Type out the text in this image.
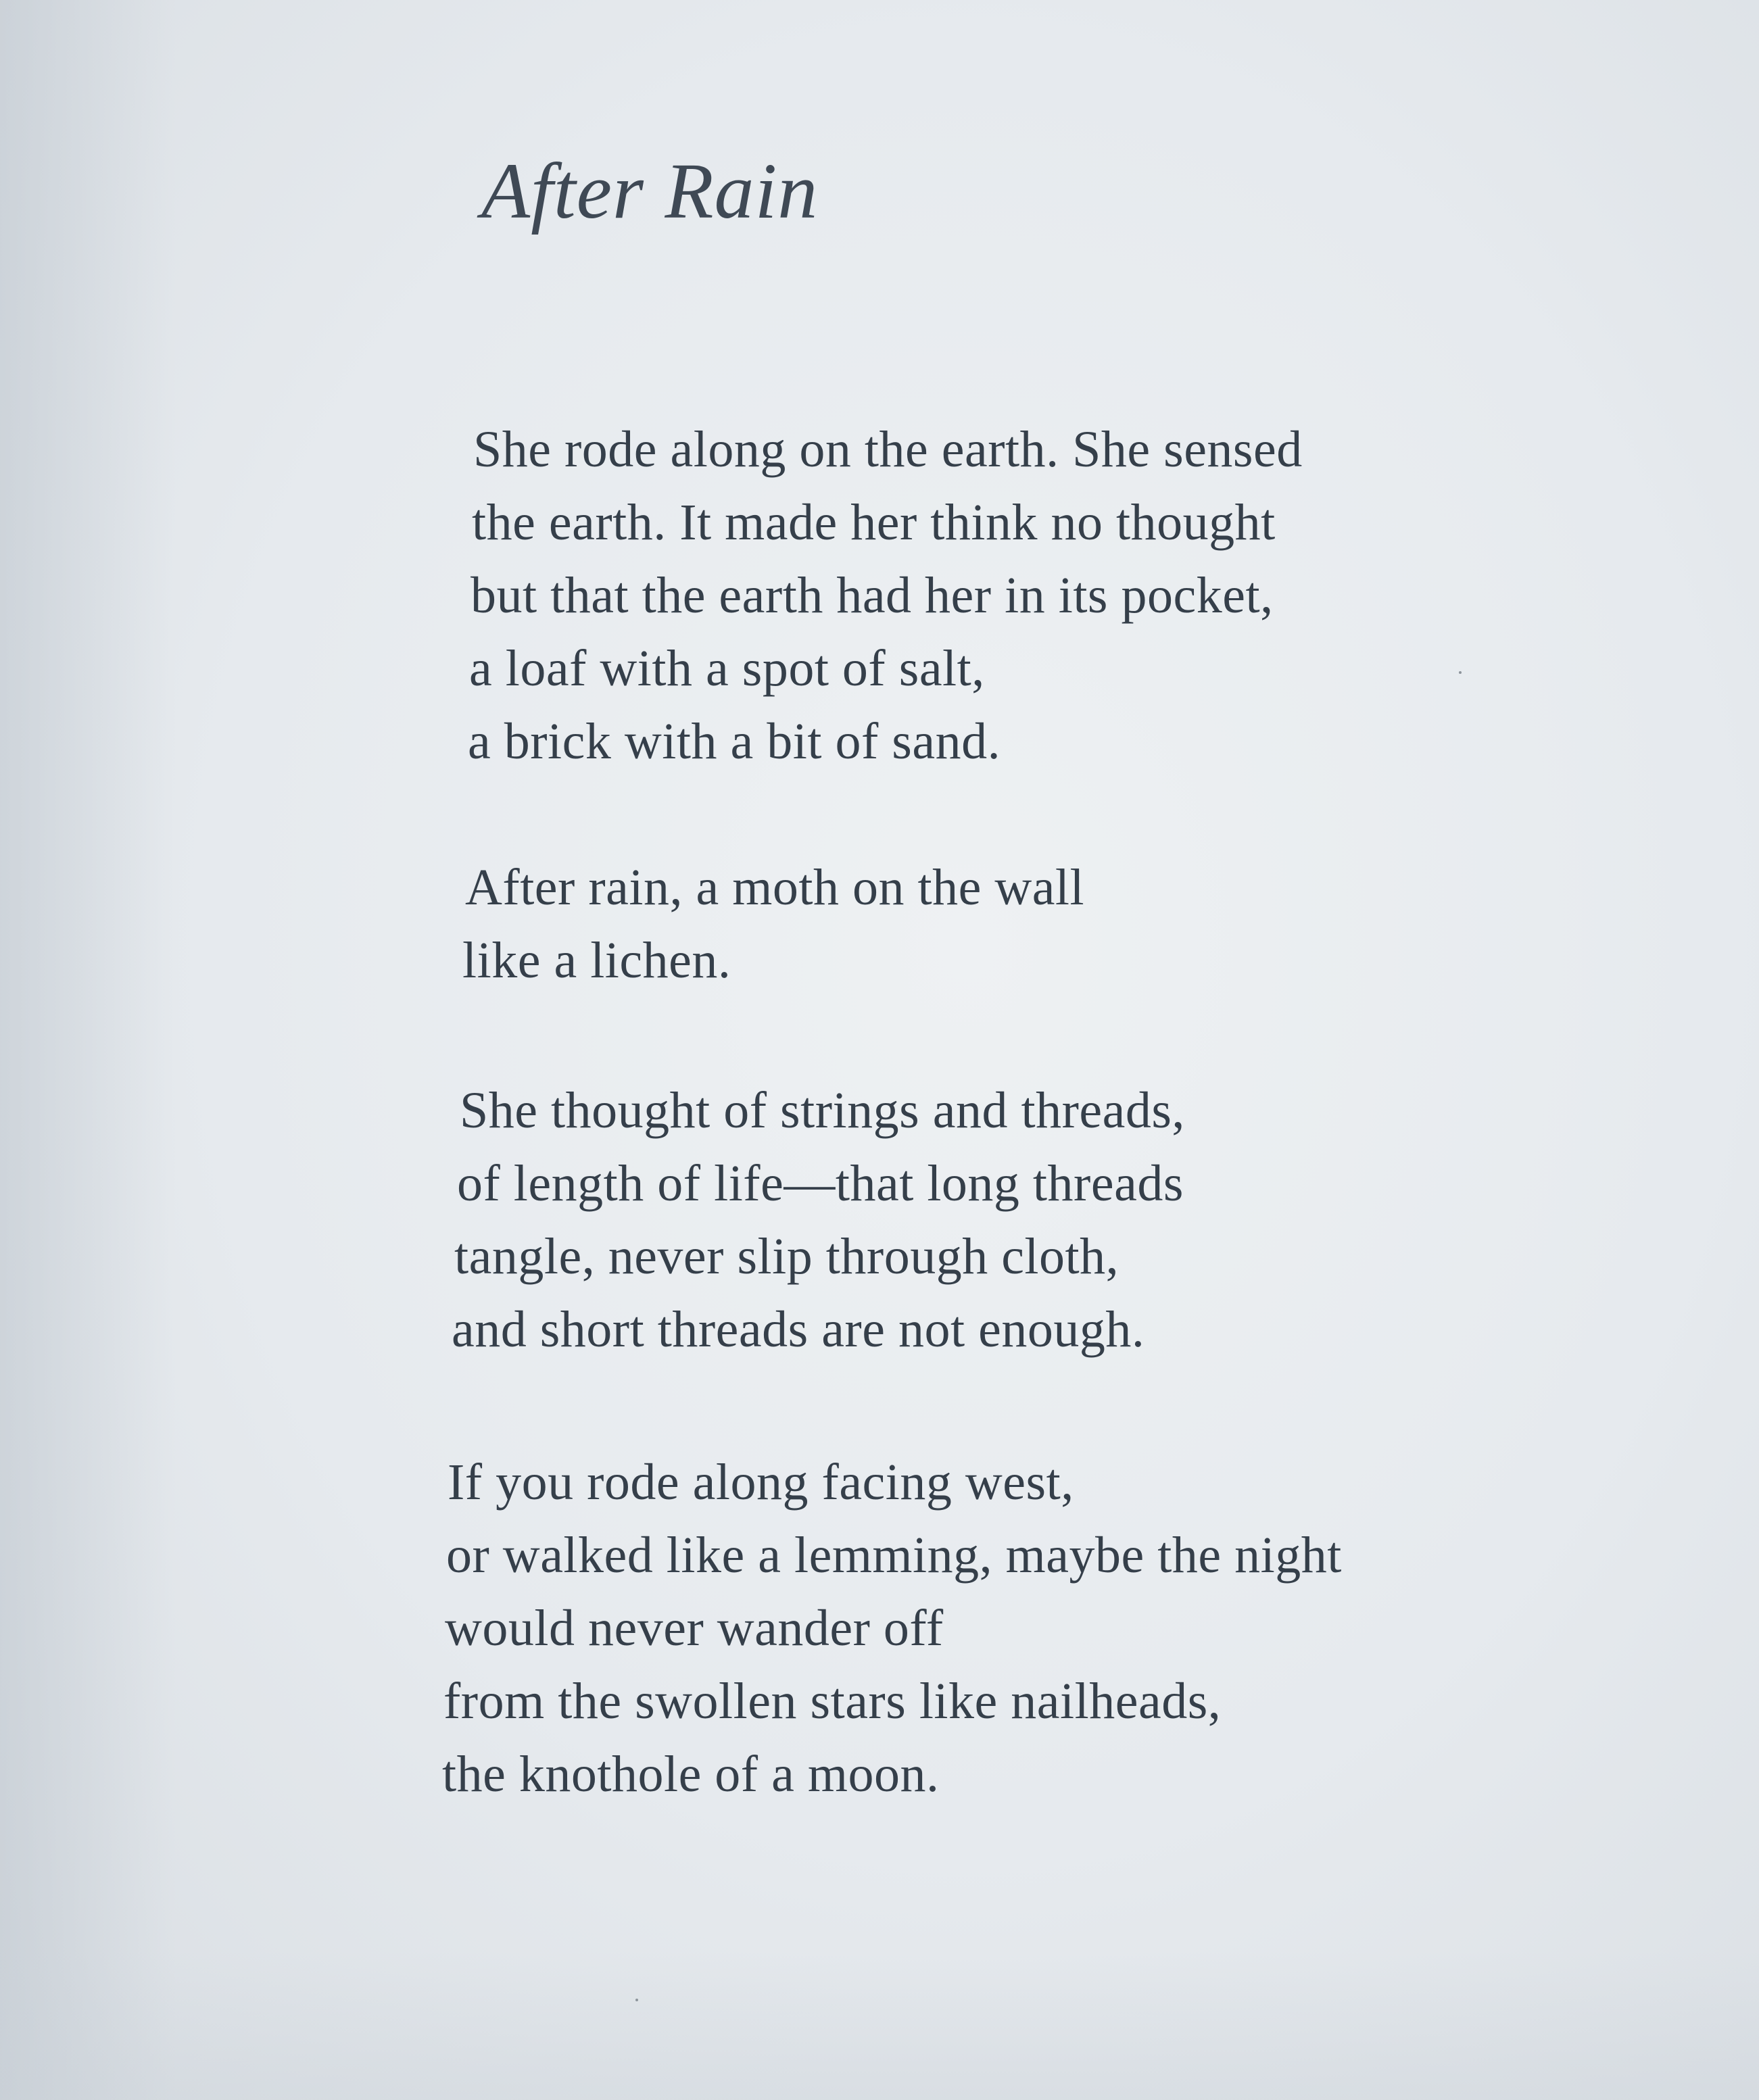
After Rain
She rode along on the earth. She sensed
the earth. It made her think no thought
but that the earth had her in its pocket,
a loaf with a spot of salt,
a brick with a bit of sand.
After rain, a moth on the wall
like a lichen.
She thought of strings and threads,
of length of life—that long threads
tangle, never slip through cloth,
and short threads are not enough.
If you rode along facing west,
or walked like a lemming, maybe the night
would never wander off
from the swollen stars like nailheads,
the knothole of a moon.
